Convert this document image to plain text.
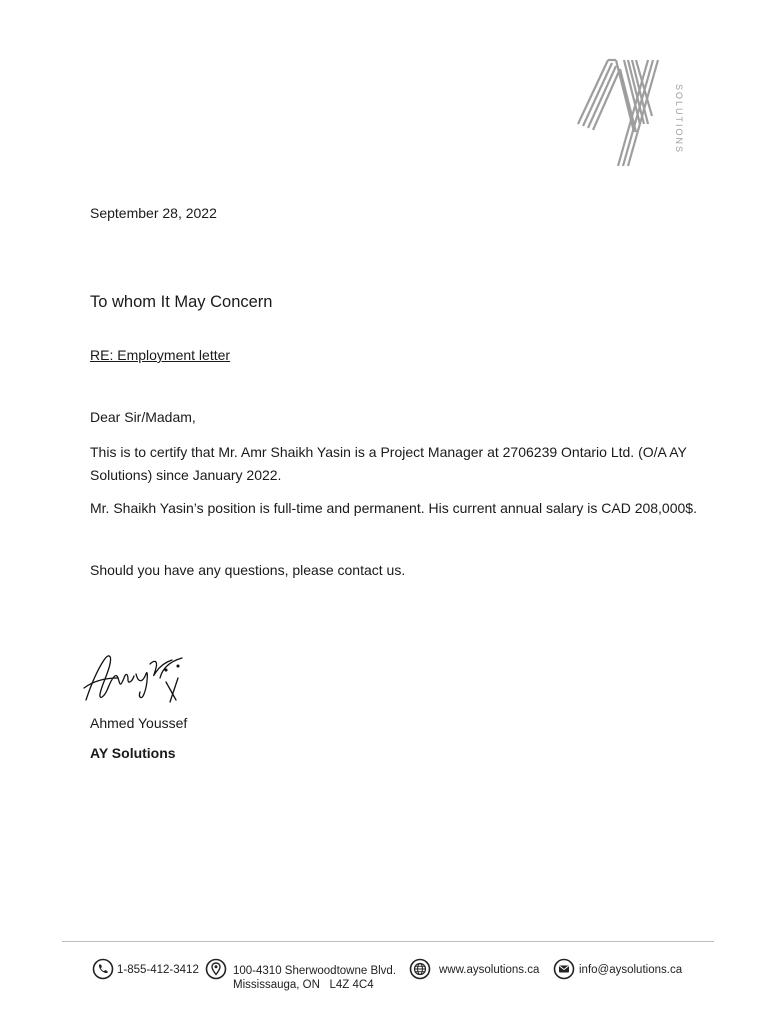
SOLUTIONS
September 28, 2022
To whom It May Concern
RE: Employment letter
Dear Sir/Madam,

This is to certify that Mr. Amr Shaikh Yasin is a Project Manager at 2706239 Ontario Ltd. (O/A AY Solutions) since January 2022.

Mr. Shaikh Yasin’s position is full-time and permanent. His current annual salary is CAD 208,000$.

Should you have any questions, please contact us.
Ahmed Youssef
AY Solutions
1-855-412-3412	100-4310 Sherwoodtowne Blvd.
Mississauga, ON   L4Z 4C4
www.aysolutions.ca	info@aysolutions.ca
